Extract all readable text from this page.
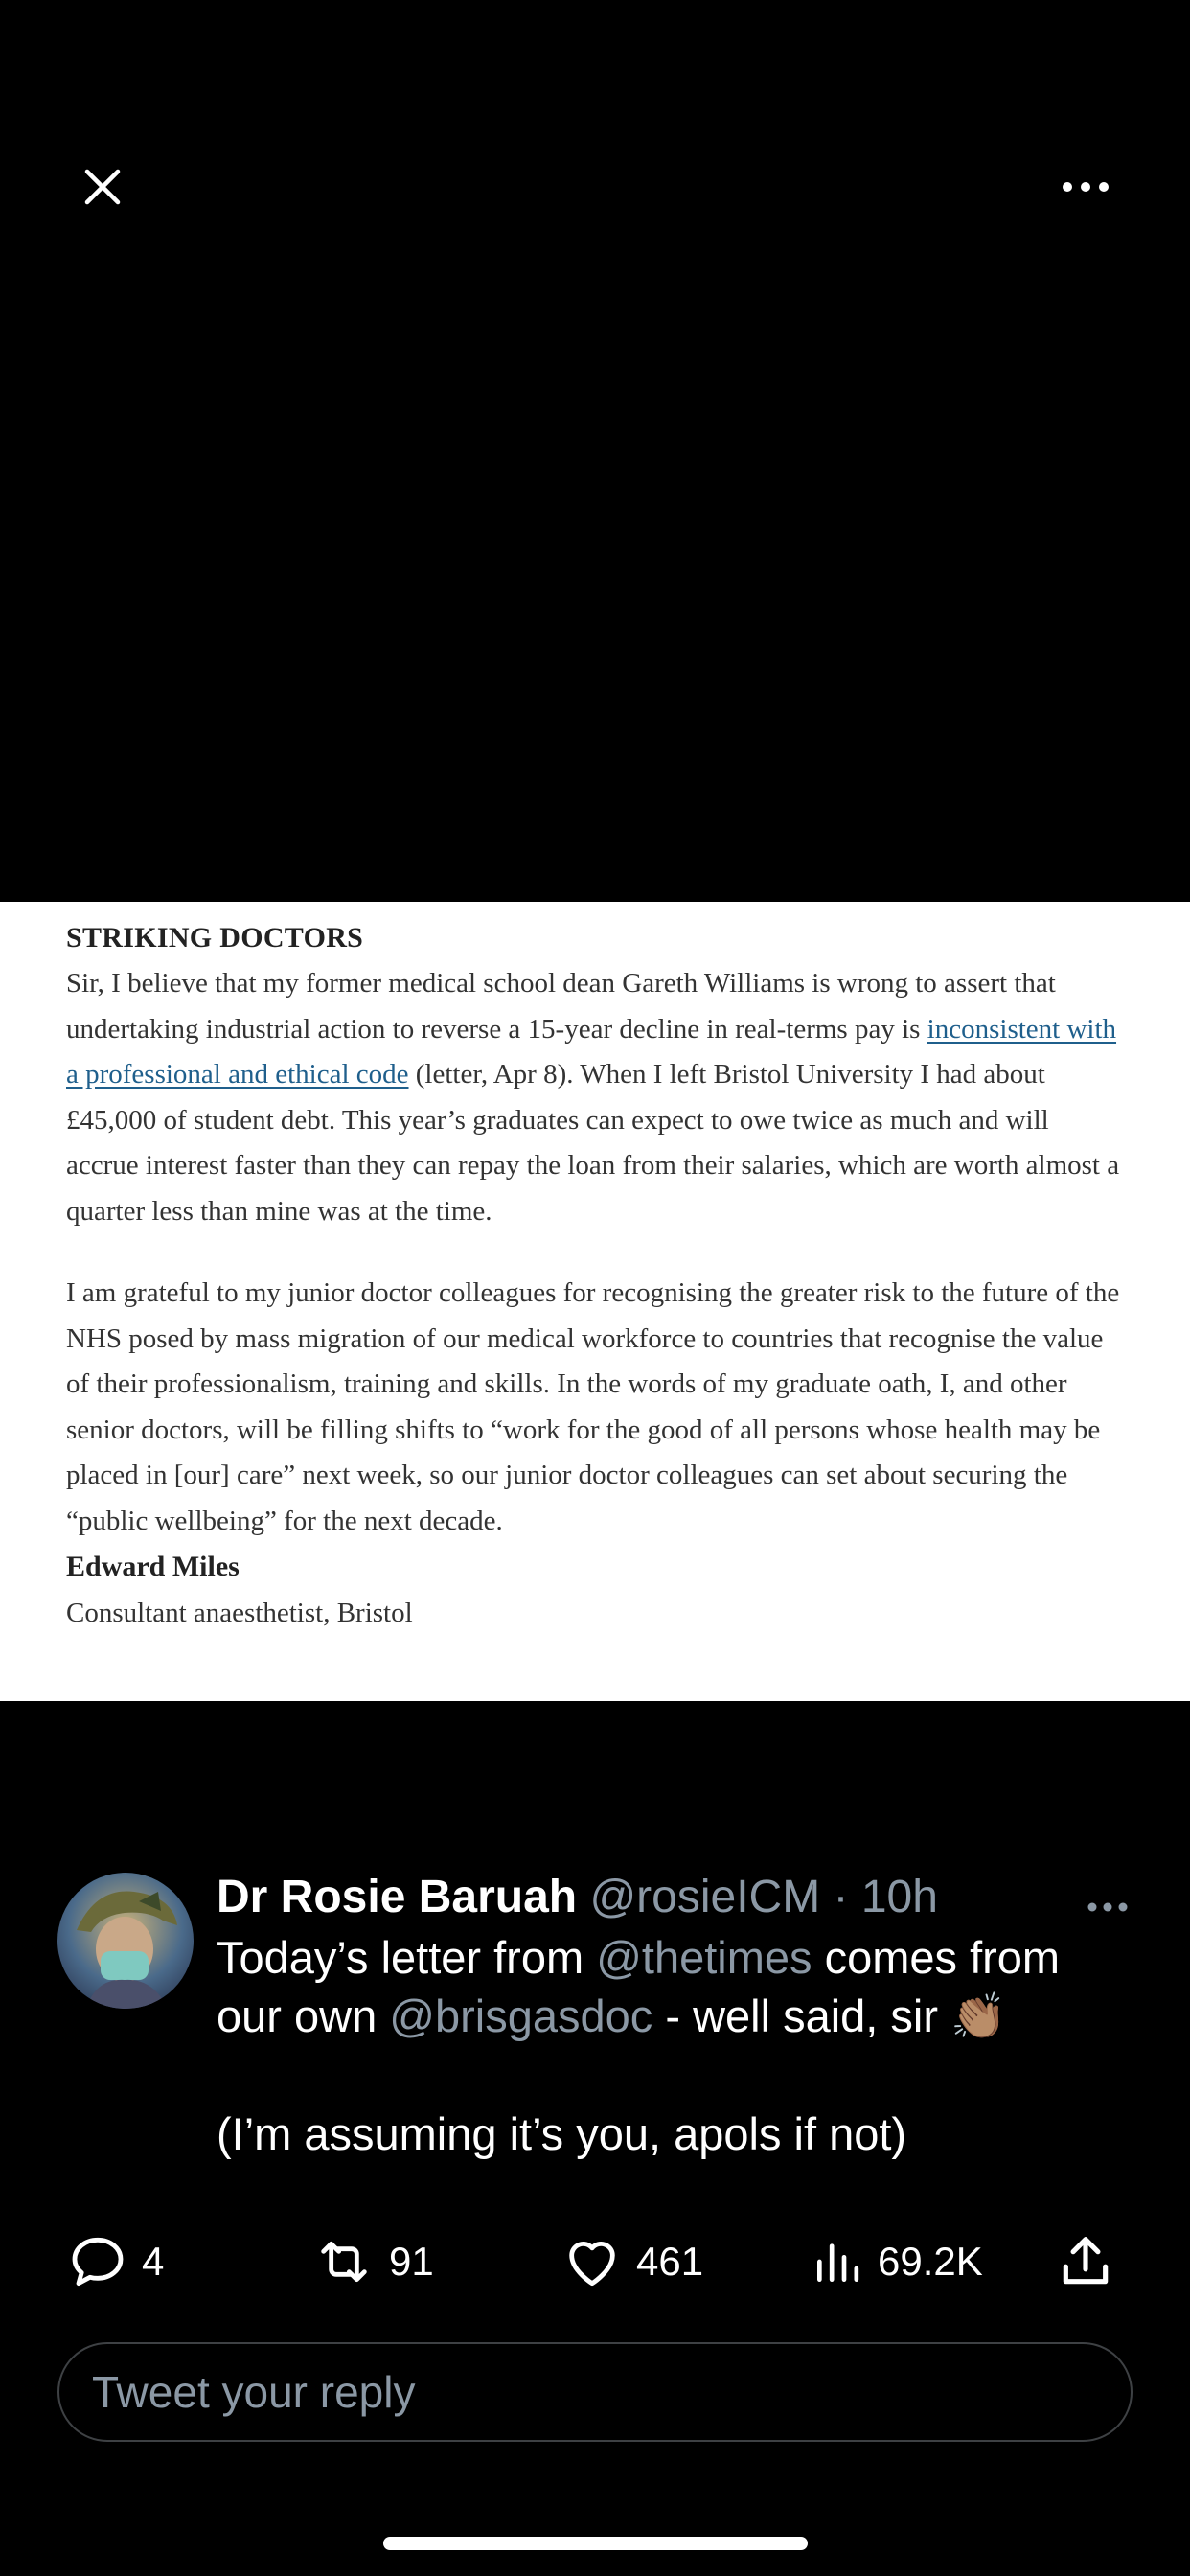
STRIKING DOCTORS

Sir, I believe that my former medical school dean Gareth Williams is wrong to assert that undertaking industrial action to reverse a 15-year decline in real-terms pay is inconsistent with a professional and ethical code (letter, Apr 8). When I left Bristol University I had about £45,000 of student debt. This year’s graduates can expect to owe twice as much and will accrue interest faster than they can repay the loan from their salaries, which are worth almost a quarter less than mine was at the time.

I am grateful to my junior doctor colleagues for recognising the greater risk to the future of the NHS posed by mass migration of our medical workforce to countries that recognise the value of their professionalism, training and skills. In the words of my graduate oath, I, and other senior doctors, will be filling shifts to “work for the good of all persons whose health may be placed in [our] care” next week, so our junior doctor colleagues can set about securing the “public wellbeing” for the next decade.

Edward Miles
Consultant anaesthetist, Bristol
Dr Rosie Baruah @rosieICM · 10h
Today’s letter from @thetimes comes from our own @brisgasdoc - well said, sir 👏🏽
(I’m assuming it’s you, apols if not)
4	91	461	69.2K
Tweet your reply
